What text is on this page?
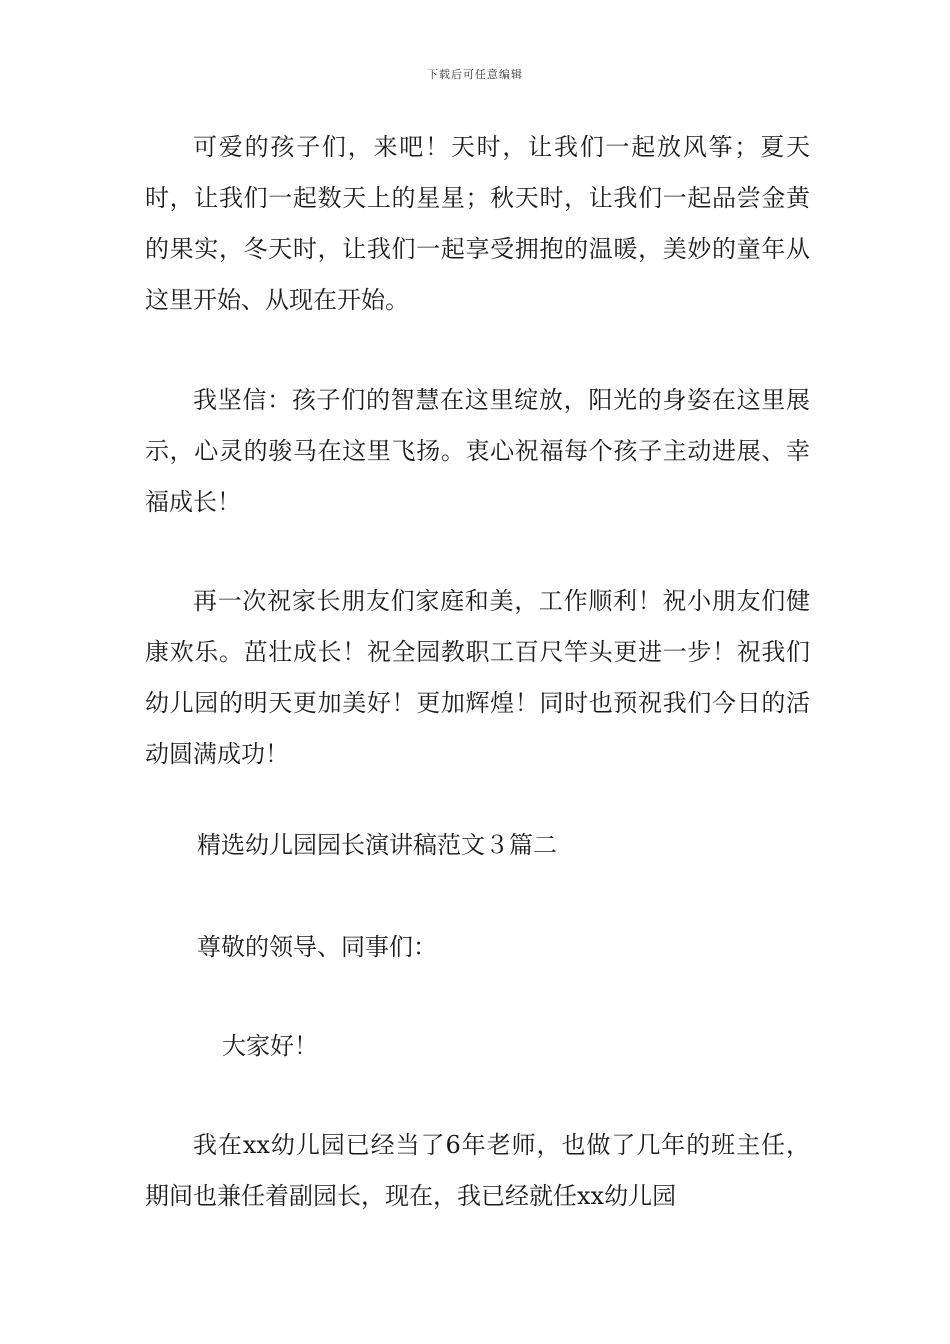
下载后可任意编辑

可爱的孩子们，来吧！天时，让我们一起放风筝；夏天时，让我们一起数天上的星星；秋天时，让我们一起品尝金黄的果实，冬天时，让我们一起享受拥抱的温暖，美妙的童年从这里开始、从现在开始。

我坚信：孩子们的智慧在这里绽放，阳光的身姿在这里展示，心灵的骏马在这里飞扬。衷心祝福每个孩子主动进展、幸福成长！

再一次祝家长朋友们家庭和美，工作顺利！祝小朋友们健康欢乐。茁壮成长！祝全园教职工百尺竿头更进一步！祝我们幼儿园的明天更加美好！更加辉煌！同时也预祝我们今日的活动圆满成功！

精选幼儿园园长演讲稿范文３篇二

尊敬的领导、同事们：

大家好！

我在xx幼儿园已经当了6年老师，也做了几年的班主任，期间也兼任着副园长，现在，我已经就任xx幼儿园
